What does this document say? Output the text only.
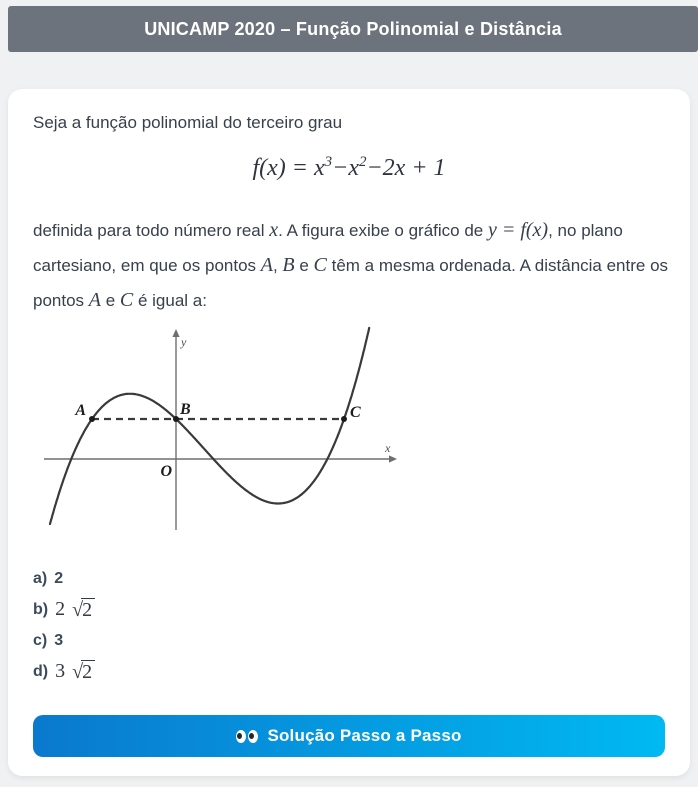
UNICAMP 2020 – Função Polinomial e Distância

Seja a função polinomial do terceiro grau

$f(x) = x^3-x^2-2x + 1$

definida para todo número real x. A figura exibe o gráfico de y = f(x), no plano cartesiano, em que os pontos A, B e C têm a mesma ordenada. A distância entre os pontos A e C é igual a:

A	B	C
x
y
O
a) 2
b) 2 √ 2
c) 3
d) 3 √ 2
Solução Passo a Passo
